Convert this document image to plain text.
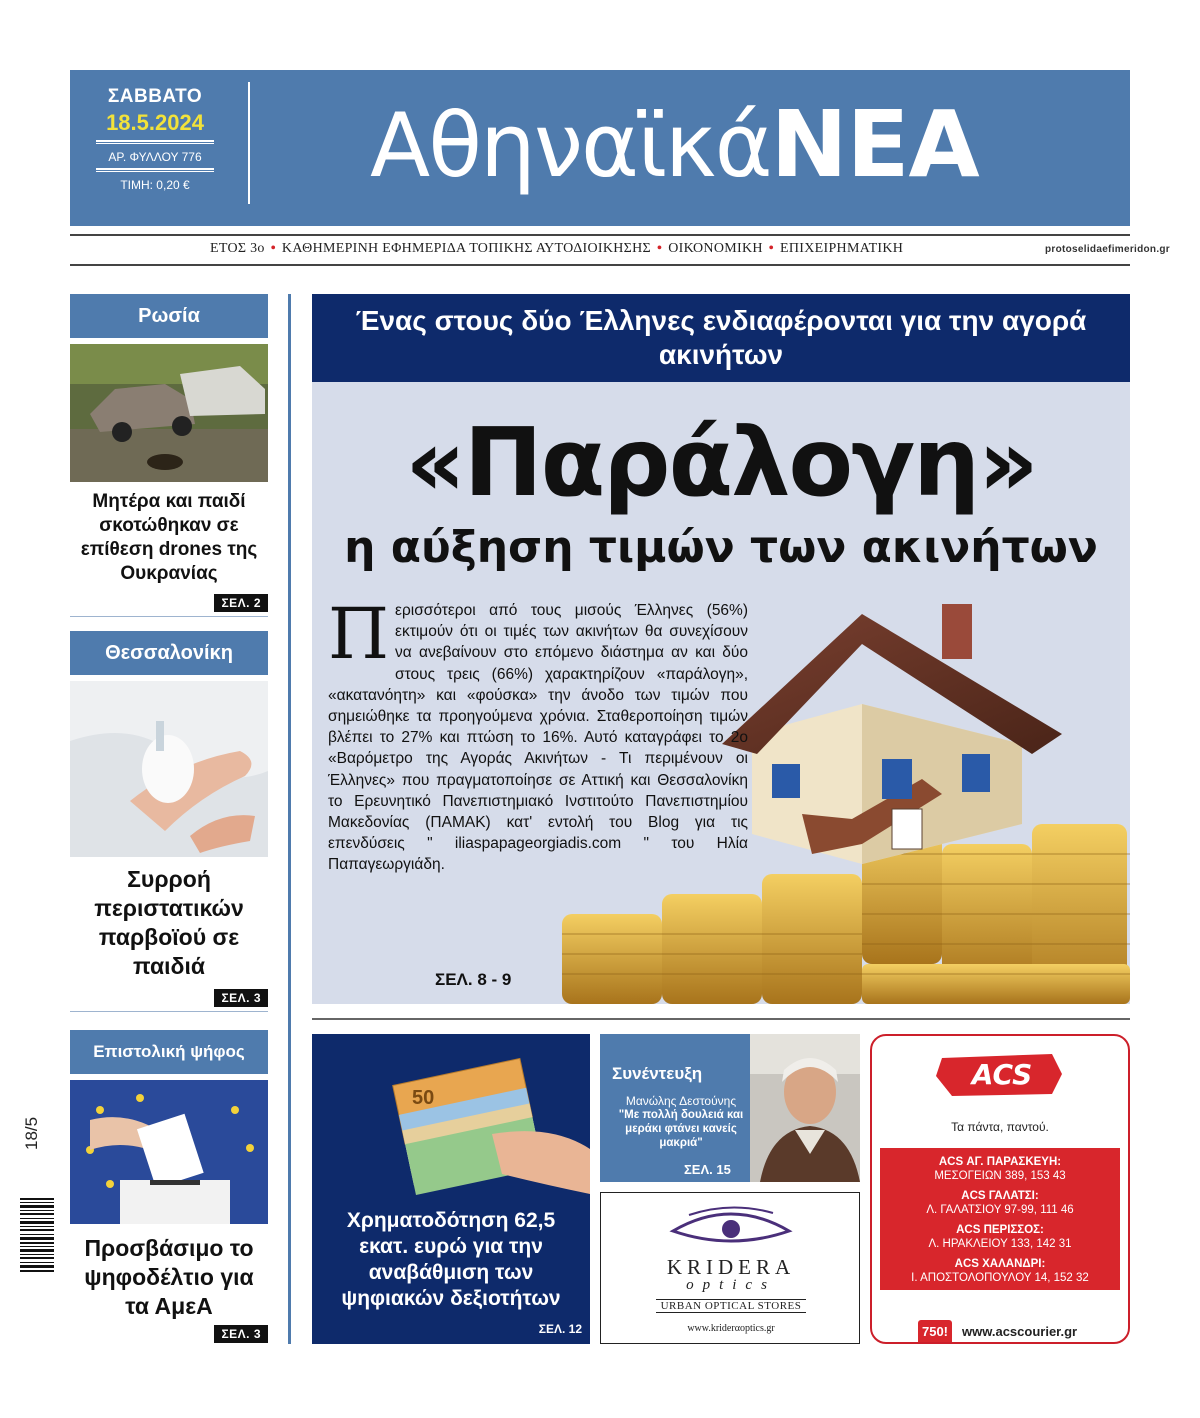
ΣΑΒΒΑΤΟ
18.5.2024
ΑΡ. ΦΥΛΛΟΥ 776
ΤΙΜΗ: 0,20 €	ΑθηναϊκάΝΕΑ
ΕΤΟΣ 3ο • ΚΑΘΗΜΕΡΙΝΗ ΕΦΗΜΕΡΙΔΑ ΤΟΠΙΚΗΣ ΑΥΤΟΔΙΟΙΚΗΣΗΣ • ΟΙΚΟΝΟΜΙΚΗ • ΕΠΙΧΕΙΡΗΜΑΤΙΚΗ	protoselidaefimeridon.gr
Ρωσία
Μητέρα και παιδί σκοτώθηκαν σε επίθεση drones της Ουκρανίας
ΣΕΛ. 2
Θεσσαλονίκη
Συρροή περιστατικών παρβοϊού σε παιδιά
ΣΕΛ. 3
Επιστολική ψήφος
Προσβάσιμο το ψηφοδέλτιο για τα ΑμεΑ
ΣΕΛ. 3
Ένας στους δύο Έλληνες ενδιαφέρονται για την αγορά ακινήτων
«Παράλογη»
η αύξηση τιμών των ακινήτων
Περισσότεροι από τους μισούς Έλληνες (56%) εκτιμούν ότι οι τιμές των ακινήτων θα συνεχίσουν να ανεβαίνουν στο επόμενο διάστημα αν και δύο στους τρεις (66%) χαρακτηρίζουν «παράλογη», «ακατανόητη» και «φούσκα» την άνοδο των τιμών που σημειώθηκε τα προηγούμενα χρόνια. Σταθεροποίηση τιμών βλέπει το 27% και πτώση το 16%. Αυτό καταγράφει το 2ο «Βαρόμετρο της Αγοράς Ακινήτων - Τι περιμένουν οι Έλληνες» που πραγματοποίησε σε Αττική και Θεσσαλονίκη το Ερευνητικό Πανεπιστημιακό Ινστιτούτο Πανεπιστημίου Μακεδονίας (ΠΑΜΑΚ) κατ' εντολή του Blog για τις επενδύσεις " iliaspapageorgiadis.com " του Ηλία Παπαγεωργιάδη.
ΣΕΛ. 8 - 9
50
Χρηματοδότηση 62,5 εκατ. ευρώ για την αναβάθμιση των ψηφιακών δεξιοτήτων
ΣΕΛ. 12
Συνέντευξη
Μανώλης Δεστούνης
"Με πολλή δουλειά και μεράκι φτάνει κανείς μακριά"
ΣΕΛ. 15
KRIDERA
optics
URBAN OPTICAL STORES
www.kriderαoptics.gr
ACS
Τα πάντα, παντού.
ACS ΑΓ. ΠΑΡΑΣΚΕΥΗ:
ΜΕΣΟΓΕΙΩΝ 389, 153 43
ACS ΓΑΛΑΤΣΙ:
Λ. ΓΑΛΑΤΣΙΟΥ 97-99, 111 46
ACS ΠΕΡΙΣΣΟΣ:
Λ. ΗΡΑΚΛΕΙΟΥ 133, 142 31
ACS ΧΑΛΑΝΔΡΙ:
Ι. ΑΠΟΣΤΟΛΟΠΟΥΛΟΥ 14, 152 32
750!	www.acscourier.gr
18/5
